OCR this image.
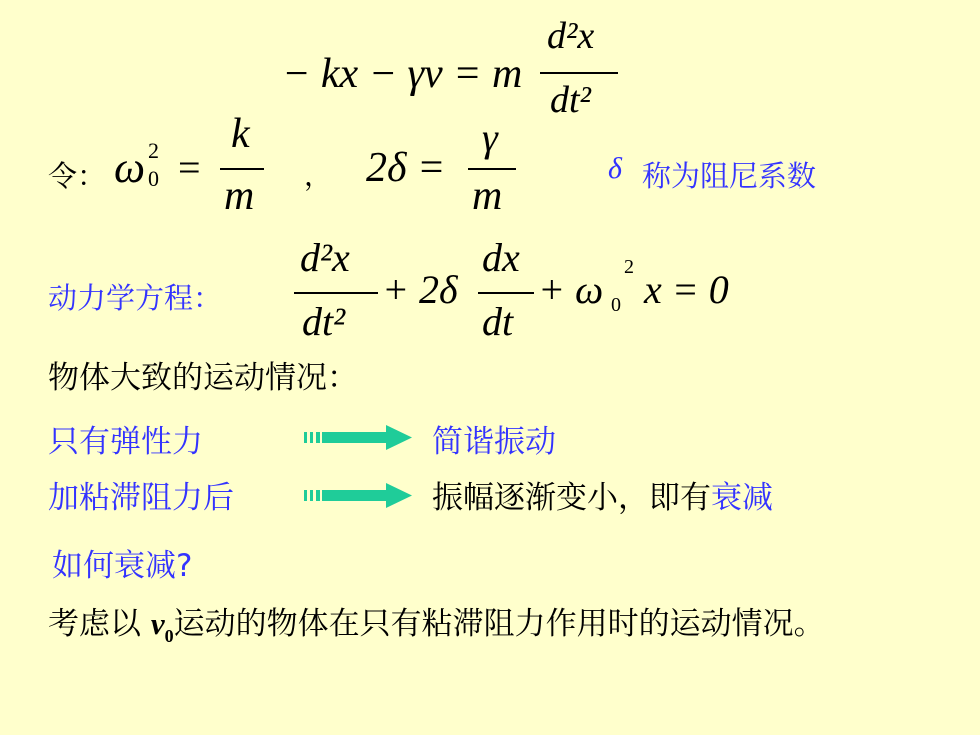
− kx − γv = m
d²x
dt²
令： ω 2
0 =
k
m ， 2δ =
γ
m
δ 称为阻尼系数
动力学方程：
d²x
dt²
+ 2δ
dx
dt
+ ω 0
2 x = 0
物体大致的运动情况：
只有弹性力	简谐振动
加粘滞阻力后	振幅逐渐变小，即有衰减
如何衰减?
考虑以 $v_0$运动的物体在只有粘滞阻力作用时的运动情况。
